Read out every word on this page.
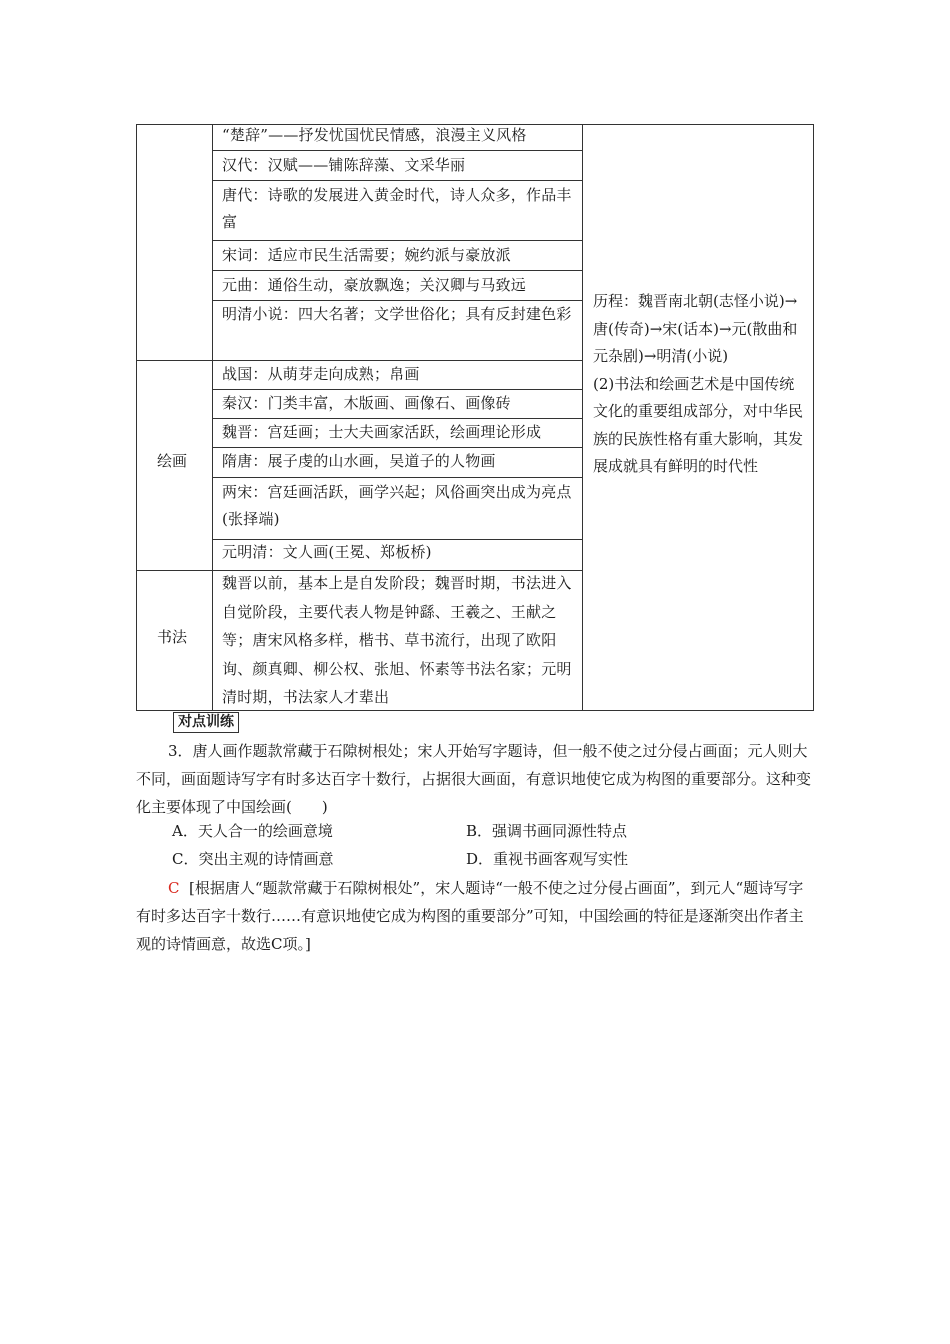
“楚辞”——抒发忧国忧民情感，浪漫主义风格
汉代：汉赋——铺陈辞藻、文采华丽
唐代：诗歌的发展进入黄金时代，诗人众多，作品丰富
宋词：适应市民生活需要；婉约派与豪放派
元曲：通俗生动，豪放飘逸；关汉卿与马致远
明清小说：四大名著；文学世俗化；具有反封建色彩
绘画
战国：从萌芽走向成熟；帛画
秦汉：门类丰富，木版画、画像石、画像砖
魏晋：宫廷画；士大夫画家活跃，绘画理论形成
隋唐：展子虔的山水画，吴道子的人物画
两宋：宫廷画活跃，画学兴起；风俗画突出成为亮点(张择端)
元明清：文人画(王冕、郑板桥)
书法
魏晋以前，基本上是自发阶段；魏晋时期，书法进入自觉阶段，主要代表人物是钟繇、王羲之、王献之等；唐宋风格多样，楷书、草书流行，出现了欧阳询、颜真卿、柳公权、张旭、怀素等书法名家；元明清时期，书法家人才辈出
历程：魏晋南北朝(志怪小说)→唐(传奇)→宋(话本)→元(散曲和元杂剧)→明清(小说)
(2)书法和绘画艺术是中国传统文化的重要组成部分，对中华民族的民族性格有重大影响，其发展成就具有鲜明的时代性
对点训练
3．唐人画作题款常藏于石隙树根处；宋人开始写字题诗，但一般不使之过分侵占画面；元人则大不同，画面题诗写字有时多达百字十数行，占据很大画面，有意识地使它成为构图的重要部分。这种变化主要体现了中国绘画(　　)
A．天人合一的绘画意境	B．强调书画同源性特点
C．突出主观的诗情画意	D．重视书画客观写实性
C [根据唐人“题款常藏于石隙树根处”，宋人题诗“一般不使之过分侵占画面”，到元人“题诗写字有时多达百字十数行……有意识地使它成为构图的重要部分”可知，中国绘画的特征是逐渐突出作者主观的诗情画意，故选C项。]
